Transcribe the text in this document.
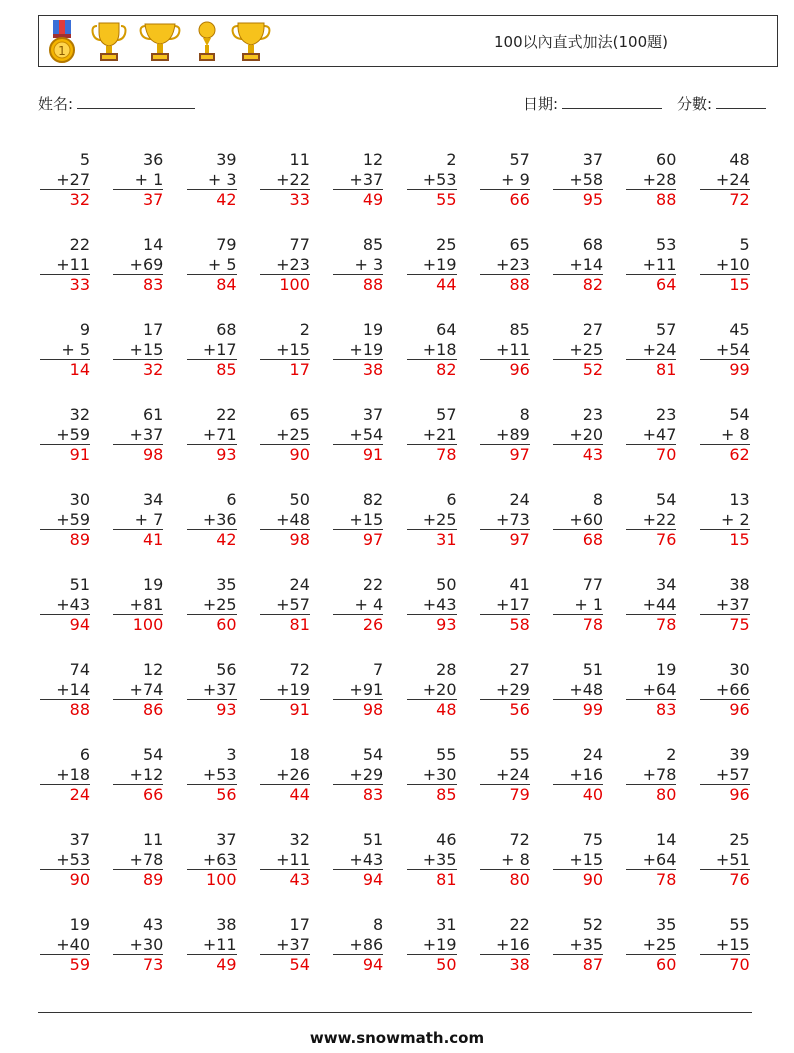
1	100以內直式加法(100題)
姓名:	日期:	分數:
5
+27
32
36
+ 1
37
39
+ 3
42
11
+22
33
12
+37
49
2
+53
55
57
+ 9
66
37
+58
95
60
+28
88
48
+24
72
22
+11
33
14
+69
83
79
+ 5
84
77
+23
100
85
+ 3
88
25
+19
44
65
+23
88
68
+14
82
53
+11
64
5
+10
15
9
+ 5
14
17
+15
32
68
+17
85
2
+15
17
19
+19
38
64
+18
82
85
+11
96
27
+25
52
57
+24
81
45
+54
99
32
+59
91
61
+37
98
22
+71
93
65
+25
90
37
+54
91
57
+21
78
8
+89
97
23
+20
43
23
+47
70
54
+ 8
62
30
+59
89
34
+ 7
41
6
+36
42
50
+48
98
82
+15
97
6
+25
31
24
+73
97
8
+60
68
54
+22
76
13
+ 2
15
51
+43
94
19
+81
100
35
+25
60
24
+57
81
22
+ 4
26
50
+43
93
41
+17
58
77
+ 1
78
34
+44
78
38
+37
75
74
+14
88
12
+74
86
56
+37
93
72
+19
91
7
+91
98
28
+20
48
27
+29
56
51
+48
99
19
+64
83
30
+66
96
6
+18
24
54
+12
66
3
+53
56
18
+26
44
54
+29
83
55
+30
85
55
+24
79
24
+16
40
2
+78
80
39
+57
96
37
+53
90
11
+78
89
37
+63
100
32
+11
43
51
+43
94
46
+35
81
72
+ 8
80
75
+15
90
14
+64
78
25
+51
76
19
+40
59
43
+30
73
38
+11
49
17
+37
54
8
+86
94
31
+19
50
22
+16
38
52
+35
87
35
+25
60
55
+15
70
www.snowmath.com
